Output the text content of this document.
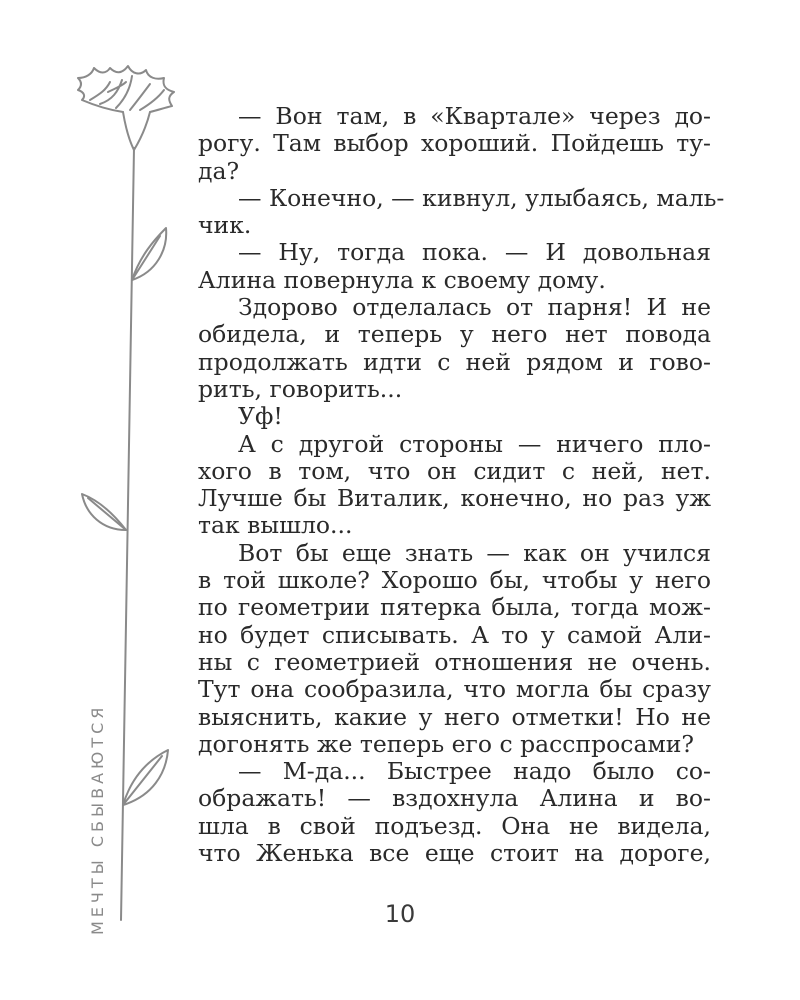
МЕЧТЫ СБЫВАЮТСЯ
— Вон там, в «Квартале» через до-
рогу. Там выбор хороший. Пойдешь ту-
да?
— Конечно, — кивнул, улыбаясь, маль-
чик.
— Ну, тогда пока. — И довольная
Алина повернула к своему дому.
Здорово отделалась от парня! И не
обидела, и теперь у него нет повода
продолжать идти с ней рядом и гово-
рить, говорить...
Уф!
А с другой стороны — ничего пло-
хого в том, что он сидит с ней, нет.
Лучше бы Виталик, конечно, но раз уж
так вышло...
Вот бы еще знать — как он учился
в той школе? Хорошо бы, чтобы у него
по геометрии пятерка была, тогда мож-
но будет списывать. А то у самой Али-
ны с геометрией отношения не очень.
Тут она сообразила, что могла бы сразу
выяснить, какие у него отметки! Но не
догонять же теперь его с расспросами?
— М-да... Быстрее надо было со-
ображать! — вздохнула Алина и во-
шла в свой подъезд. Она не видела,
что Женька все еще стоит на дороге,
10
